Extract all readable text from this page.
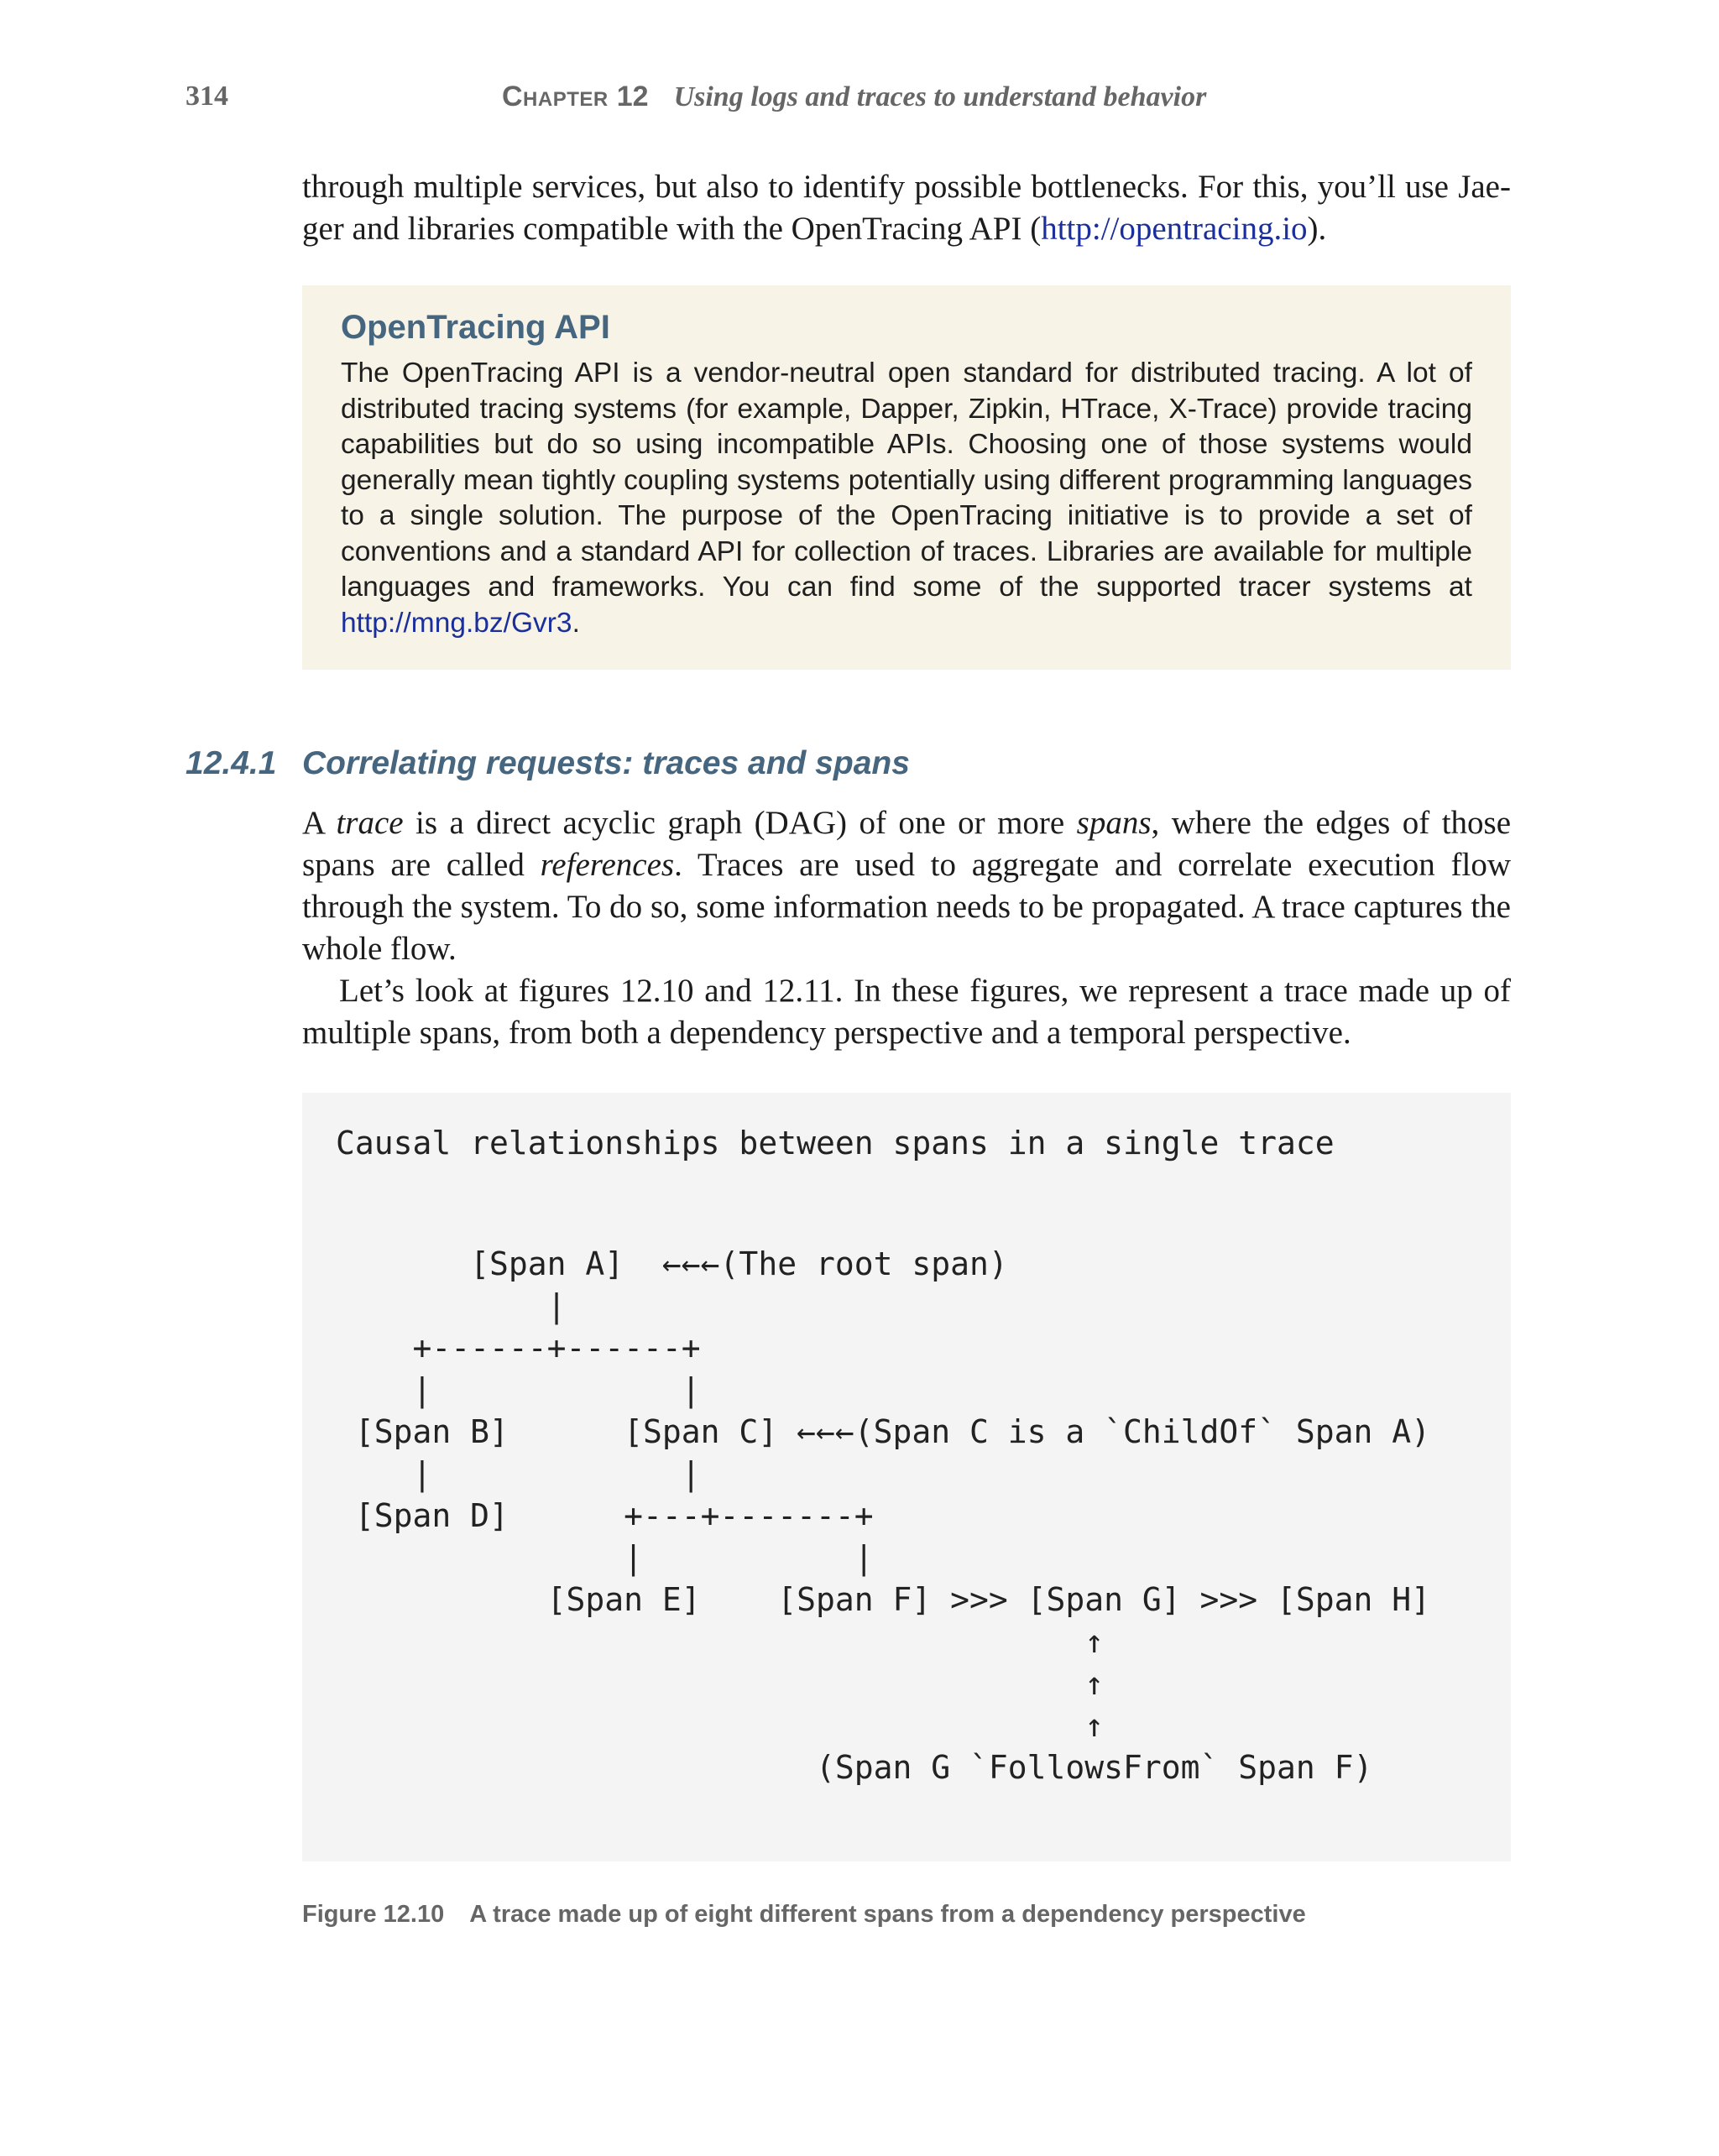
314	Chapter 12 Using logs and traces to understand behavior

through multiple services, but also to identify possible bottlenecks. For this, you’ll use Jaeger and libraries compatible with the OpenTracing API (http://opentracing.io).

OpenTracing API

The OpenTracing API is a vendor-neutral open standard for distributed tracing. A lot of distributed tracing systems (for example, Dapper, Zipkin, HTrace, X-Trace) provide tracing capabilities but do so using incompatible APIs. Choosing one of those systems would generally mean tightly coupling systems potentially using different programming languages to a single solution. The purpose of the OpenTracing initiative is to provide a set of conventions and a standard API for collection of traces. Libraries are available for multiple languages and frameworks. You can find some of the supported tracer systems at http://mng.bz/Gvr3.

12.4.1 Correlating requests: traces and spans

A trace is a direct acyclic graph (DAG) of one or more spans, where the edges of those spans are called references. Traces are used to aggregate and correlate execution flow through the system. To do so, some information needs to be propagated. A trace captures the whole flow.

Let’s look at figures 12.10 and 12.11. In these figures, we represent a trace made up of multiple spans, from both a dependency perspective and a temporal perspective.

Causal relationships between spans in a single trace
[Span A]  ←←←(The root span)
|
+------+------+
|             |
[Span B]      [Span C] ←←←(Span C is a `ChildOf` Span A)
|             |
[Span D]      +---+-------+
|           |
[Span E]    [Span F] >>> [Span G] >>> [Span H]
↑
↑
↑
(Span G `FollowsFrom` Span F)
Figure 12.10 A trace made up of eight different spans from a dependency perspective
